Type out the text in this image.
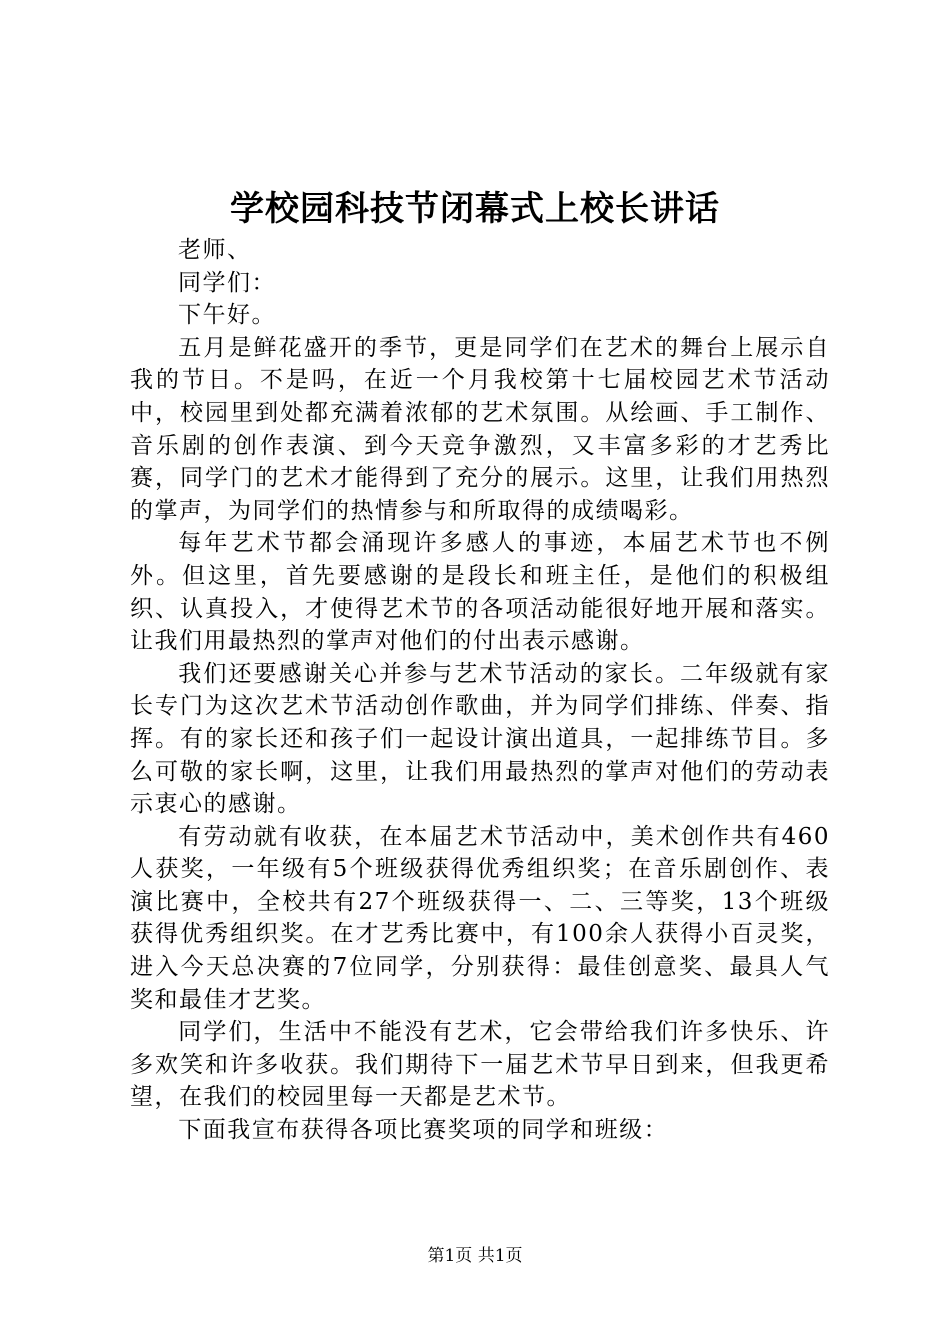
学校园科技节闭幕式上校长讲话

老师、

同学们：

下午好。

五月是鲜花盛开的季节，更是同学们在艺术的舞台上展示自我的节日。不是吗，在近一个月我校第十七届校园艺术节活动中，校园里到处都充满着浓郁的艺术氛围。从绘画、手工制作、音乐剧的创作表演、到今天竞争激烈，又丰富多彩的才艺秀比赛，同学门的艺术才能得到了充分的展示。这里，让我们用热烈的掌声，为同学们的热情参与和所取得的成绩喝彩。

每年艺术节都会涌现许多感人的事迹，本届艺术节也不例外。但这里，首先要感谢的是段长和班主任，是他们的积极组织、认真投入，才使得艺术节的各项活动能很好地开展和落实。让我们用最热烈的掌声对他们的付出表示感谢。

我们还要感谢关心并参与艺术节活动的家长。二年级就有家长专门为这次艺术节活动创作歌曲，并为同学们排练、伴奏、指挥。有的家长还和孩子们一起设计演出道具，一起排练节目。多么可敬的家长啊，这里，让我们用最热烈的掌声对他们的劳动表示衷心的感谢。

有劳动就有收获，在本届艺术节活动中，美术创作共有460人获奖，一年级有5个班级获得优秀组织奖；在音乐剧创作、表演比赛中，全校共有27个班级获得一、二、三等奖，13个班级获得优秀组织奖。在才艺秀比赛中，有100余人获得小百灵奖，进入今天总决赛的7位同学，分别获得：最佳创意奖、最具人气奖和最佳才艺奖。

同学们，生活中不能没有艺术，它会带给我们许多快乐、许多欢笑和许多收获。我们期待下一届艺术节早日到来，但我更希望，在我们的校园里每一天都是艺术节。

下面我宣布获得各项比赛奖项的同学和班级：

第1页 共1页
